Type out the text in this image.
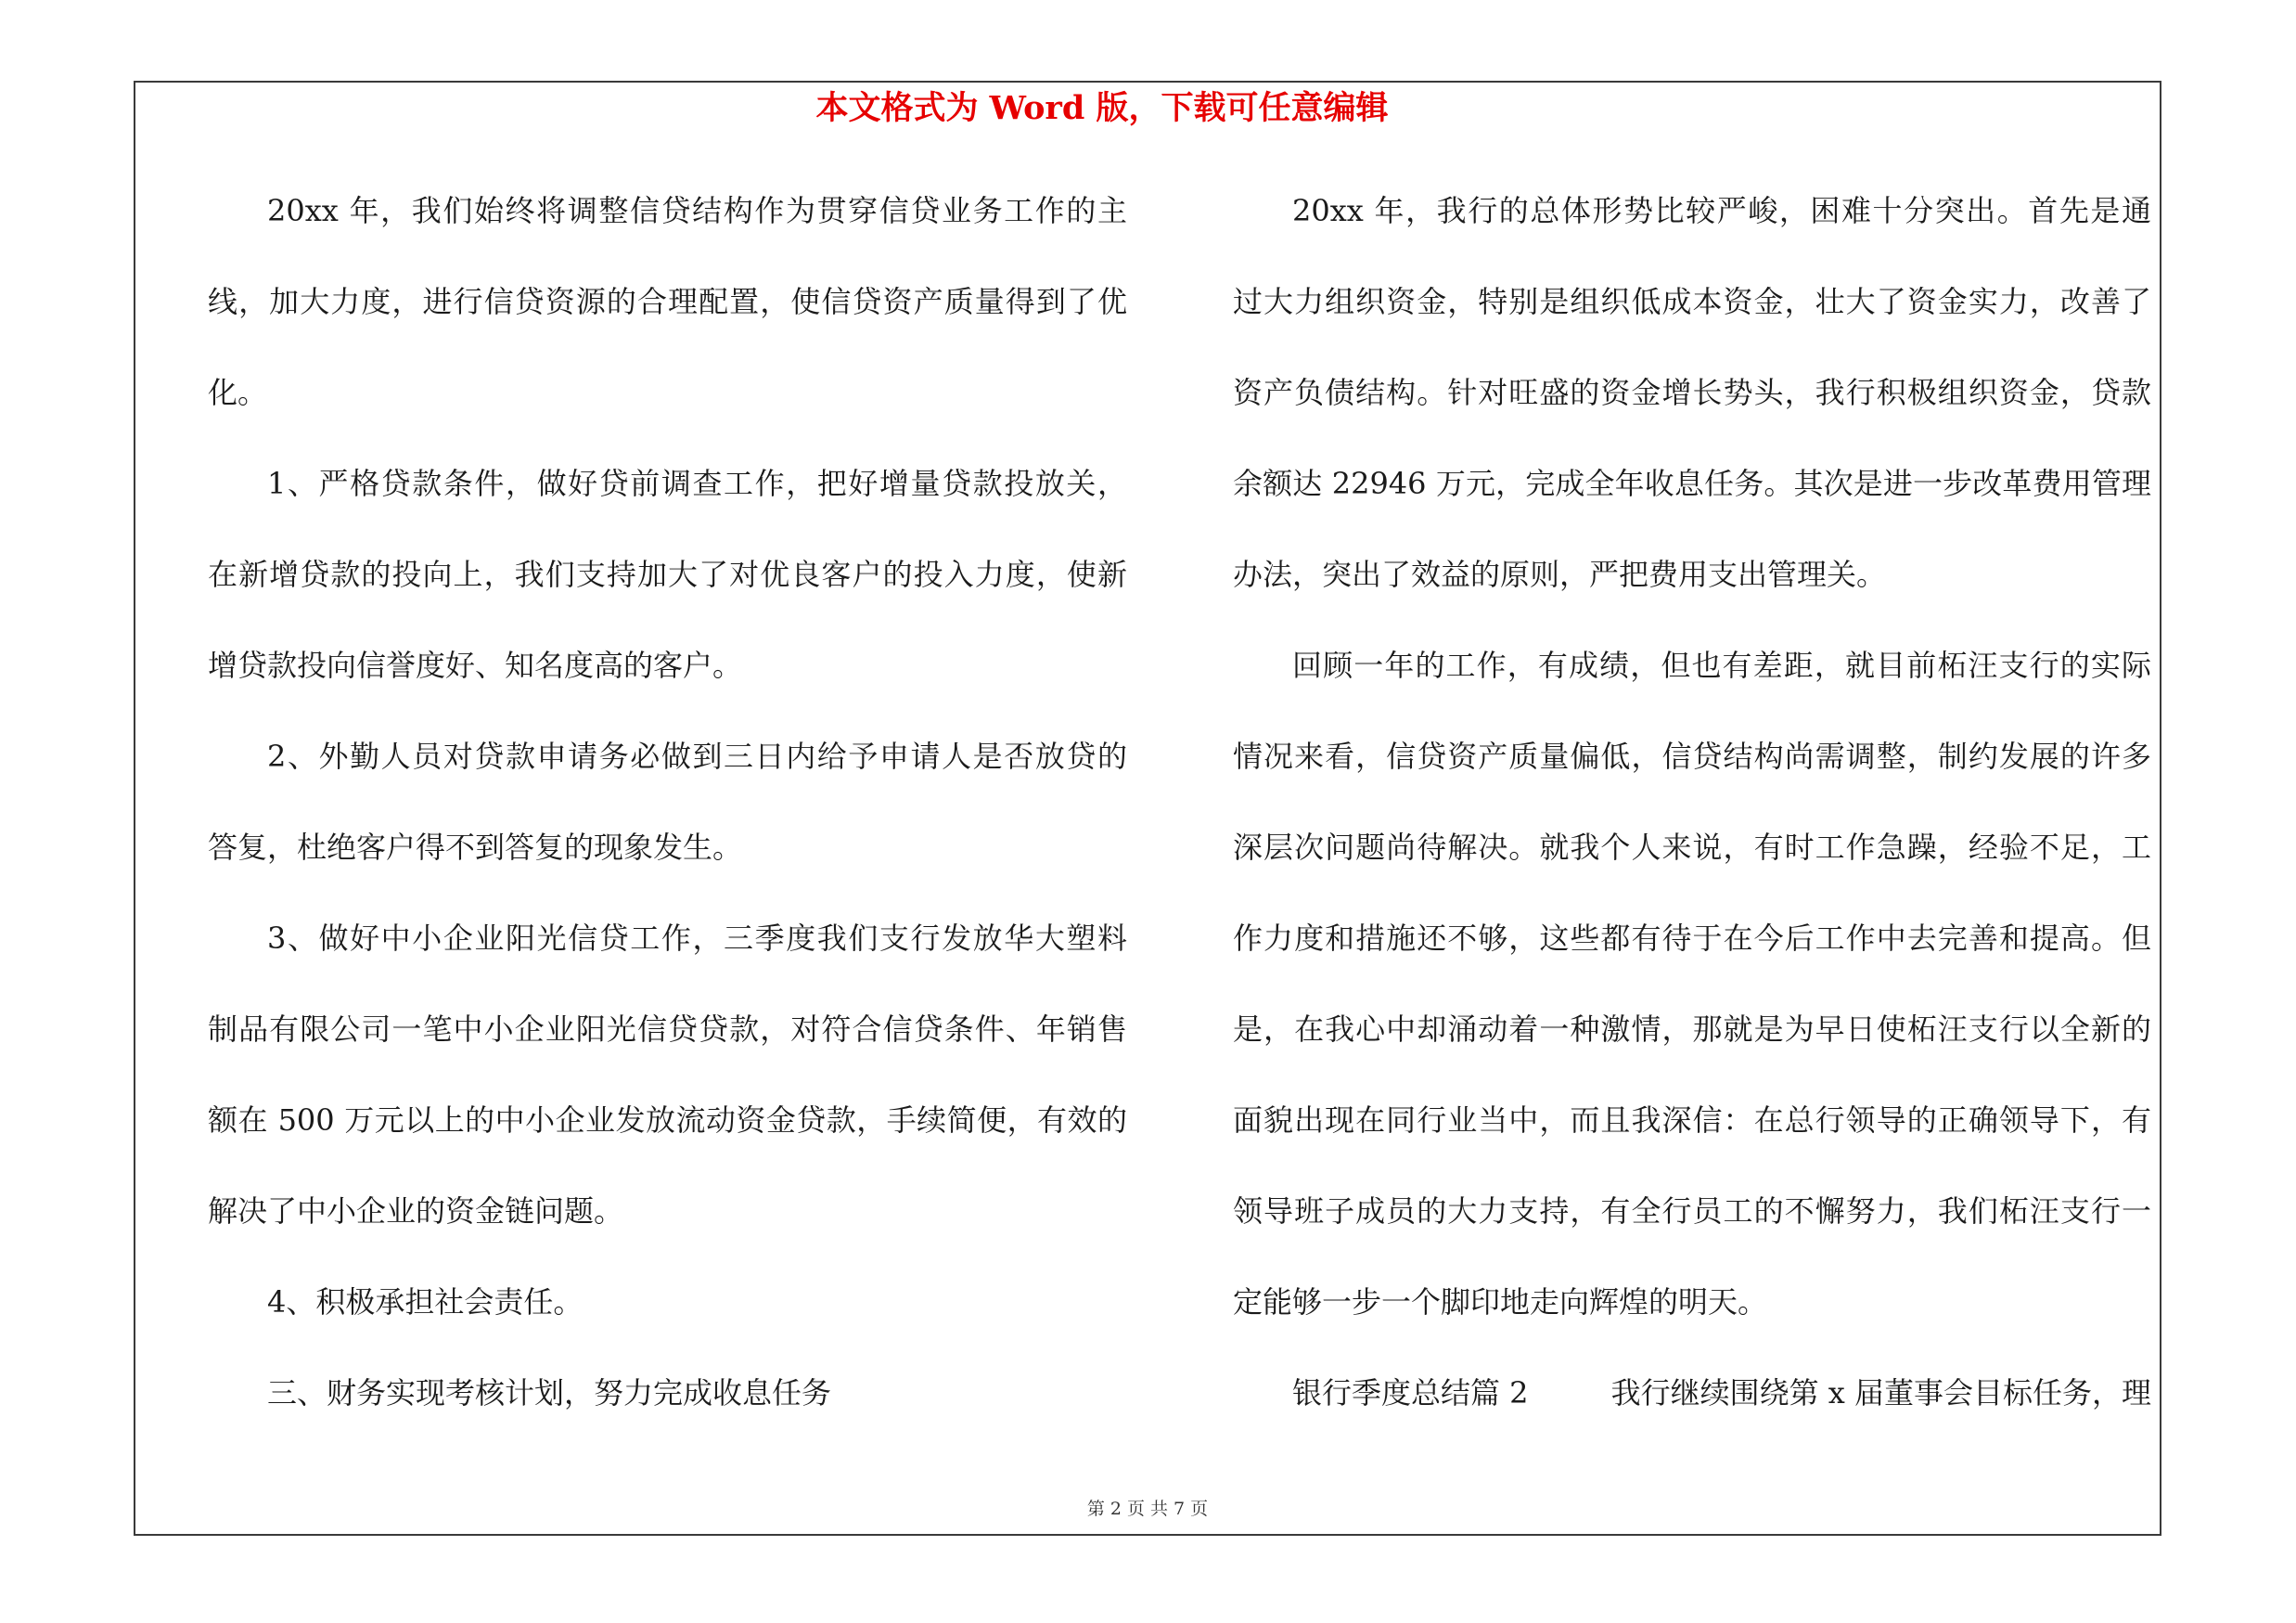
本文格式为 Word 版，下载可任意编辑
20xx 年，我们始终将调整信贷结构作为贯穿信贷业务工作的主
线，加大力度，进行信贷资源的合理配置，使信贷资产质量得到了优
化。
1、严格贷款条件，做好贷前调查工作，把好增量贷款投放关，
在新增贷款的投向上，我们支持加大了对优良客户的投入力度，使新
增贷款投向信誉度好、知名度高的客户。
2、外勤人员对贷款申请务必做到三日内给予申请人是否放贷的
答复，杜绝客户得不到答复的现象发生。
3、做好中小企业阳光信贷工作，三季度我们支行发放华大塑料
制品有限公司一笔中小企业阳光信贷贷款，对符合信贷条件、年销售
额在 500 万元以上的中小企业发放流动资金贷款，手续简便，有效的
解决了中小企业的资金链问题。
4、积极承担社会责任。
三、财务实现考核计划，努力完成收息任务
20xx 年，我行的总体形势比较严峻，困难十分突出。首先是通
过大力组织资金，特别是组织低成本资金，壮大了资金实力，改善了
资产负债结构。针对旺盛的资金增长势头，我行积极组织资金，贷款
余额达 22946 万元，完成全年收息任务。其次是进一步改革费用管理
办法，突出了效益的原则，严把费用支出管理关。
回顾一年的工作，有成绩，但也有差距，就目前柘汪支行的实际
情况来看，信贷资产质量偏低，信贷结构尚需调整，制约发展的许多
深层次问题尚待解决。就我个人来说，有时工作急躁，经验不足，工
作力度和措施还不够，这些都有待于在今后工作中去完善和提高。但
是，在我心中却涌动着一种激情，那就是为早日使柘汪支行以全新的
面貌出现在同行业当中，而且我深信：在总行领导的正确领导下，有
领导班子成员的大力支持，有全行员工的不懈努力，我们柘汪支行一
定能够一步一个脚印地走向辉煌的明天。
银行季度总结篇 2	我行继续围绕第 x 届董事会目标任务，理
第 2 页 共 7 页
